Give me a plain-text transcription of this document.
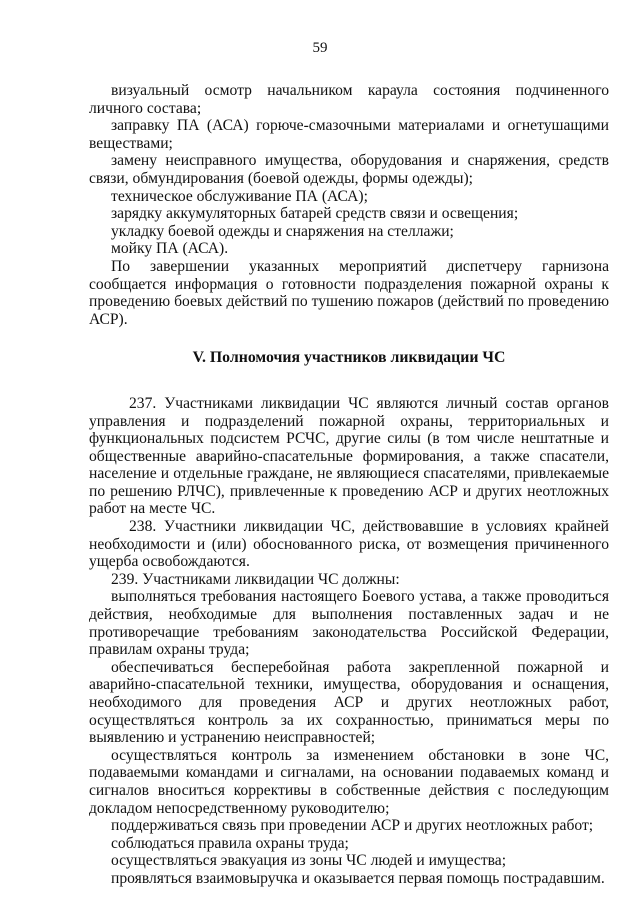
59

визуальный осмотр начальником караула состояния подчиненного личного состава;

заправку ПА (АСА) горюче-смазочными материалами и огнетушащими веществами;

замену неисправного имущества, оборудования и снаряжения, средств связи, обмундирования (боевой одежды, формы одежды);

техническое обслуживание ПА (АСА);

зарядку аккумуляторных батарей средств связи и освещения;

укладку боевой одежды и снаряжения на стеллажи;

мойку ПА (АСА).

По завершении указанных мероприятий диспетчеру гарнизона сообщается информация о готовности подразделения пожарной охраны к проведению боевых действий по тушению пожаров (действий по проведению АСР).

V. Полномочия участников ликвидации ЧС

237. Участниками ликвидации ЧС являются личный состав органов управления и подразделений пожарной охраны, территориальных и функциональных подсистем РСЧС, другие силы (в том числе нештатные и общественные аварийно-спасательные формирования, а также спасатели, население и отдельные граждане, не являющиеся спасателями, привлекаемые по решению РЛЧС), привлеченные к проведению АСР и других неотложных работ на месте ЧС.

238. Участники ликвидации ЧС, действовавшие в условиях крайней необходимости и (или) обоснованного риска, от возмещения причиненного ущерба освобождаются.

239. Участниками ликвидации ЧС должны:

выполняться требования настоящего Боевого устава, а также проводиться действия, необходимые для выполнения поставленных задач и не противоречащие требованиям законодательства Российской Федерации, правилам охраны труда;

обеспечиваться бесперебойная работа закрепленной пожарной и аварийно-спасательной техники, имущества, оборудования и оснащения, необходимого для проведения АСР и других неотложных работ, осуществляться контроль за их сохранностью, приниматься меры по выявлению и устранению неисправностей;

осуществляться контроль за изменением обстановки в зоне ЧС, подаваемыми командами и сигналами, на основании подаваемых команд и сигналов вноситься коррективы в собственные действия с последующим докладом непосредственному руководителю;

поддерживаться связь при проведении АСР и других неотложных работ;

соблюдаться правила охраны труда;

осуществляться эвакуация из зоны ЧС людей и имущества;

проявляться взаимовыручка и оказывается первая помощь пострадавшим.
